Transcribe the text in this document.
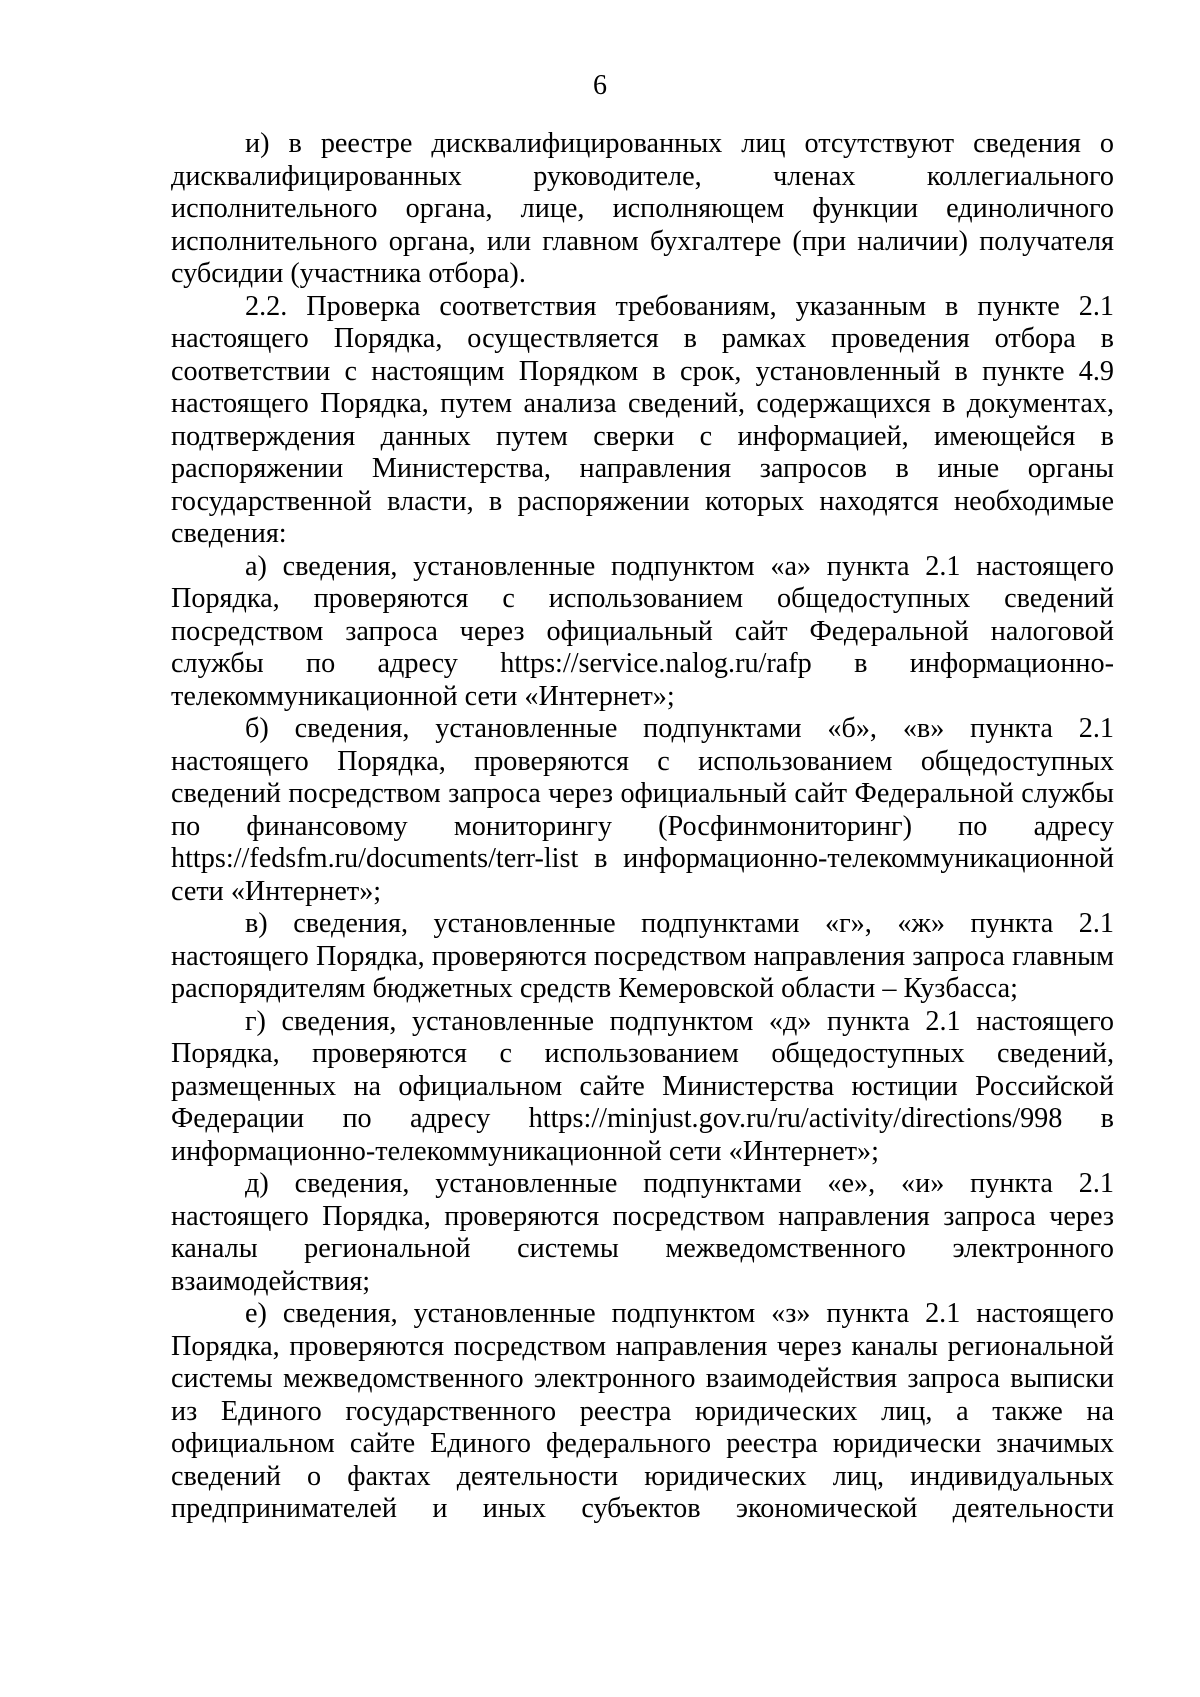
6

и) в реестре дисквалифицированных лиц отсутствуют сведения о дисквалифицированных руководителе, членах коллегиального исполнительного органа, лице, исполняющем функции единоличного исполнительного органа, или главном бухгалтере (при наличии) получателя субсидии (участника отбора).

2.2. Проверка соответствия требованиям, указанным в пункте 2.1 настоящего Порядка, осуществляется в рамках проведения отбора в соответствии с настоящим Порядком в срок, установленный в пункте 4.9 настоящего Порядка, путем анализа сведений, содержащихся в документах, подтверждения данных путем сверки с информацией, имеющейся в распоряжении Министерства, направления запросов в иные органы государственной власти, в распоряжении которых находятся необходимые сведения:

а) сведения, установленные подпунктом «а» пункта 2.1 настоящего Порядка, проверяются с использованием общедоступных сведений посредством запроса через официальный сайт Федеральной налоговой службы по адресу https://service.nalog.ru/rafp в информационно-телекоммуникационной сети «Интернет»;

б) сведения, установленные подпунктами «б», «в» пункта 2.1 настоящего Порядка, проверяются с использованием общедоступных сведений посредством запроса через официальный сайт Федеральной службы по финансовому мониторингу (Росфинмониторинг) по адресу https://fedsfm.ru/documents/terr-list в информационно-телекоммуникационной сети «Интернет»;

в) сведения, установленные подпунктами «г», «ж» пункта 2.1 настоящего Порядка, проверяются посредством направления запроса главным распорядителям бюджетных средств Кемеровской области – Кузбасса;

г) сведения, установленные подпунктом «д» пункта 2.1 настоящего Порядка, проверяются с использованием общедоступных сведений, размещенных на официальном сайте Министерства юстиции Российской Федерации по адресу https://minjust.gov.ru/ru/activity/directions/998 в информационно-телекоммуникационной сети «Интернет»;

д) сведения, установленные подпунктами «е», «и» пункта 2.1 настоящего Порядка, проверяются посредством направления запроса через каналы региональной системы межведомственного электронного взаимодействия;

е) сведения, установленные подпунктом «з» пункта 2.1 настоящего Порядка, проверяются посредством направления через каналы региональной системы межведомственного электронного взаимодействия запроса выписки из Единого государственного реестра юридических лиц, а также на официальном сайте Единого федерального реестра юридически значимых сведений о фактах деятельности юридических лиц, индивидуальных предпринимателей и иных субъектов экономической деятельности
